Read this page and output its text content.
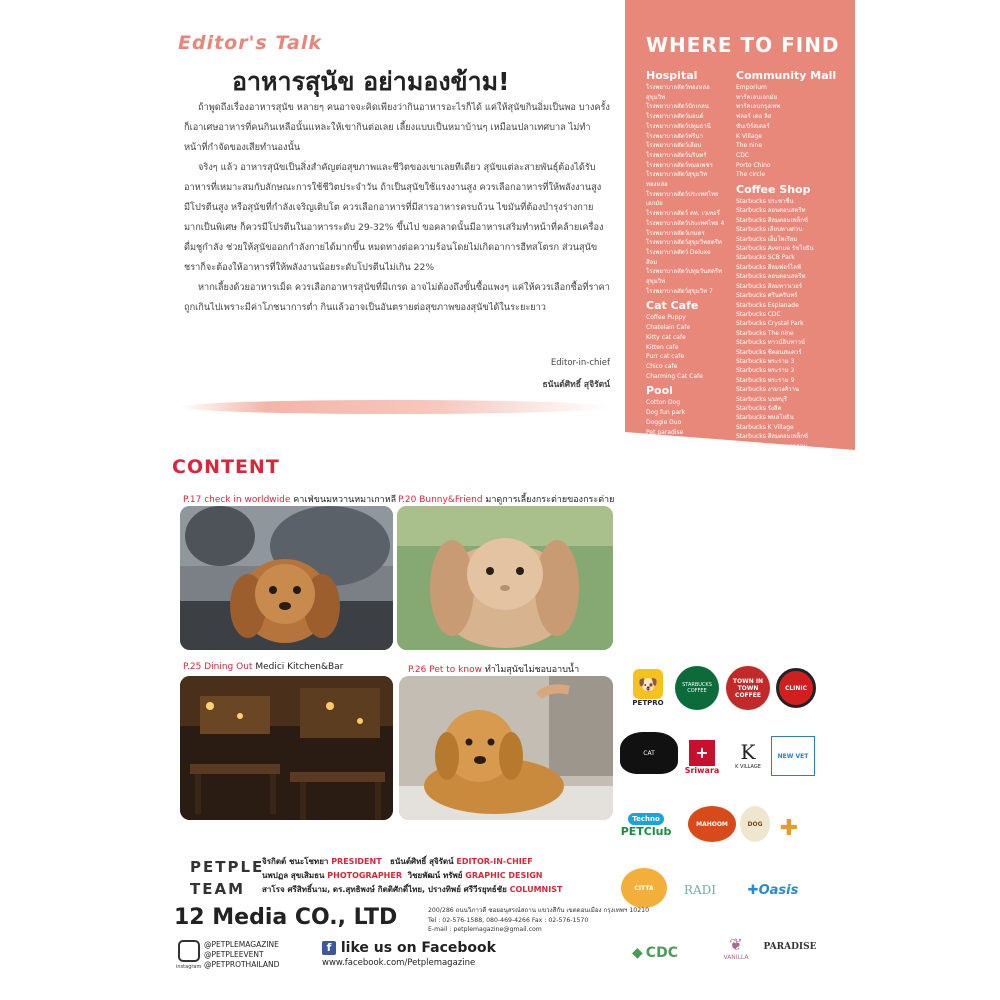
Editor's Talk
อาหารสุนัข อย่ามองข้าม!

ถ้าพูดถึงเรื่องอาหารสุนัข หลายๆ คนอาจจะคิดเพียงว่ากินอาหารอะไรก็ได้ แค่ให้สุนัขกินอิ่มเป็นพอ บางครั้งก็เอาเศษอาหารที่คนกินเหลือนั้นแหละให้เขากินต่อเลย เลี้ยงแบบเป็นหมาบ้านๆ เหมือนปลาเทศบาล ไม่ทำหน้าที่กำจัดของเสียทำนองนั้น

จริงๆ แล้ว อาหารสุนัขเป็นสิ่งสำคัญต่อสุขภาพและชีวิตของเขาเลยทีเดียว สุนัขแต่ละสายพันธุ์ต้องได้รับอาหารที่เหมาะสมกับลักษณะการใช้ชีวิตประจำวัน ถ้าเป็นสุนัขใช้แรงงานสูง ควรเลือกอาหารที่ให้พลังงานสูง มีโปรตีนสูง หรือสุนัขที่กำลังเจริญเติบโต ควรเลือกอาหารที่มีสารอาหารครบถ้วน ไขมันที่ต้องบำรุงร่างกายมากเป็นพิเศษ ก็ควรมีโปรตีนในอาหารระดับ 29-32% ขึ้นไป ขอคลาดนั้นมีอาหารเสริมทำหน้าที่คล้ายเครื่องดื่มชูกำลัง ช่วยให้สุนัขออกกำลังกายได้มากขึ้น หมดทางต่อความร้อนโดยไม่เกิดอาการฮีทสโตรก ส่วนสุนัขชราก็จะต้องให้อาหารที่ให้พลังงานน้อยระดับโปรตีนไม่เกิน 22%

หากเลี้ยงด้วยอาหารเม็ด ควรเลือกอาหารสุนัขที่มีเกรด อาจไม่ต้องถึงขั้นซื้อแพงๆ แค่ให้ควรเลือกซื้อที่ราคาถูกเกินไปเพราะมีค่าโภชนาการต่ำ กินแล้วอาจเป็นอันตรายต่อสุขภาพของสุนัขได้ในระยะยาว

Editor-in-chief
ธนันต์ศิทธิ์ สุจิรัตน์
WHERE TO FIND
Hospital
โรงพยาบาลสัตว์ทองหล่อ
สุขุมวิท
โรงพยาบาลสัตว์ปักเกลน
โรงพยาบาลสัตว์มอนด์
โรงพยาบาลสัตว์ปทุมธานี
โรงพยาบาลสัตว์ฟรีนา
โรงพยาบาลสัตว์เลียบ
โรงพยาบาลสัตว์นรินทร์
โรงพยาบาลสัตว์หมอเพชร
โรงพยาบาลสัตว์สุขุมวิท
ทองหล่อ
โรงพยาบาลสัตว์ประเทศไทย
เอกมัย
โรงพยาบาลสัตว์ ตท. เวเทอรี่
โรงพยาบาลสัตว์ประเทศไทย 4
โรงพยาบาลสัตว์เกษตร
โรงพยาบาลสัตว์สุขุมวิทสตรีท
โรงพยาบาลสัตว์ Deluxe
สีลม
โรงพยาบาลสัตว์ปทุมวันสตรีท
สุขุมวิท
โรงพยาบาลสัตว์สุขุมวิท 7
Cat Cafe
Coffee Puppy
Chatelain Cafe
Kitty cat cafe
Kitten cafe
Purr cat cafe
Chico cafe
Charming Cat Cafe
Pool
Cotton Dog
Dog fun park
Doggie Duo
Pet paradise
Jovi house
Puppy Hub
Summer Dog Pool
Pet Shop
บ้านสัตว์เลี้ยง สุขุมวิท
บ้านสัตว์เลี้ยงรามอินทรา
บ้านสัตว์เลี้ยงพัฒนาการ
Pet Club สุขุมวิท
Golden Pet Shop
Pet Class Dept สีลม
Pet Mall
Pet Lover Center
Doggie Pet Shop
Doggy Couture
Community Mall
Emporium
พาร์คเลนเอกมัย
พาร์คเลนกรุงเทพ
ฟลอร์ เดอ ลิส
ซันเบิร์สเตอร์
K Village
The nine
CDC
Porto Chino
The circle
Coffee Shop
Starbucks ประชาชื่น
Starbucks ลอนดอนสตรีท
Starbucks สีลมคอมเพล็กซ์
Starbucks เลียบทางด่วน
Starbucks เอ็มโพเรียม
Starbucks Avenue รัชโยธิน
Starbucks SCB Park
Starbucks สีลมฟอร์ไลฟ์
Starbucks ลอนดอนสตรีท
Starbucks สีลมทาวเวอร์
Starbucks ศรีนครินทร์
Starbucks Esplanade
Starbucks CDC
Starbucks Crystal Park
Starbucks The nine
Starbucks ทาวน์อินทาวน์
Starbucks ซีคอนสแควร์
Starbucks พระราม 3
Starbucks พระราม 2
Starbucks พระราม 9
Starbucks งามวงศ์วาน
Starbucks นนทบุรี
Starbucks รังสิต
Starbucks พหลโยธิน
Starbucks K Village
Starbucks สีลมคอมเพล็กซ์
Starbucks สยามพารากอน
Starbucks Emporium ชั้น 1
Starbucks Emporium ชั้น 5
Starbucks Gateway
Starbucks J Avenue
Starbucks ปิ่นเกล้า
Starbucks Esplanade รัชดา
Starbucks Gourmet Market
Starbucks Fashion Island
Starbucks Avenue รัชโยธิน
Starbucks Central World
Starbucks Seacon
CONTENT
P.17 check in worldwide คาเฟ่ขนมหวานหมาเกาหลี P.20 Bunny&Friend มาดูการเลี้ยงกระต่ายของกระต่าย
P.25 Dining Out Medici Kitchen&Bar	P.26 Pet to know ทำไมสุนัขไม่ชอบอาบน้ำ
🐶
PETPRO
STARBUCKS COFFEE
TOWN IN TOWN COFFEE
CLINIC
CAT	+
Sriwara
K
K VILLAGE
NEW VET
Techno
PETClub
MAHOOM	DOG ✚
CITTA	RADI ✚ Oasis
◆ CDC	❦
VANILLA
PARADISE
PETPLE
TEAM
จิรกิตต์ ชนะโชทยา PRESIDENT ธนันต์ศิทธิ์ สุจิรัตน์ EDITOR-IN-CHIEF
นพปฏล สุขเสิมธน PHOTOGRAPHER วิชยพัฒน์ ทรัพย์ GRAPHIC DESIGN
สาโรจ ศรีสิทธิ์นาม, ดร.สุทธิพงษ์ กิตติศักดิ์ไทย, ปรางทิพย์ ศรีวีรยุทธ์ชัย COLUMNIST
12 Media CO., LTD	200/286 ถนนวิภาวดี ซอยอนุสรณ์สถาน แขวงสีกัน เขตดอนเมือง กรุงเทพฯ 10210
Tel : 02-576-1588, 080-469-4266 Fax : 02-576-1570
E-mail : petplemagazine@gmail.com
instagram
@PETPLEMAGAZINE
@PETPLEEVENT
@PETPROTHAILAND
f like us on Facebook
www.facebook.com/Petplemagazine
